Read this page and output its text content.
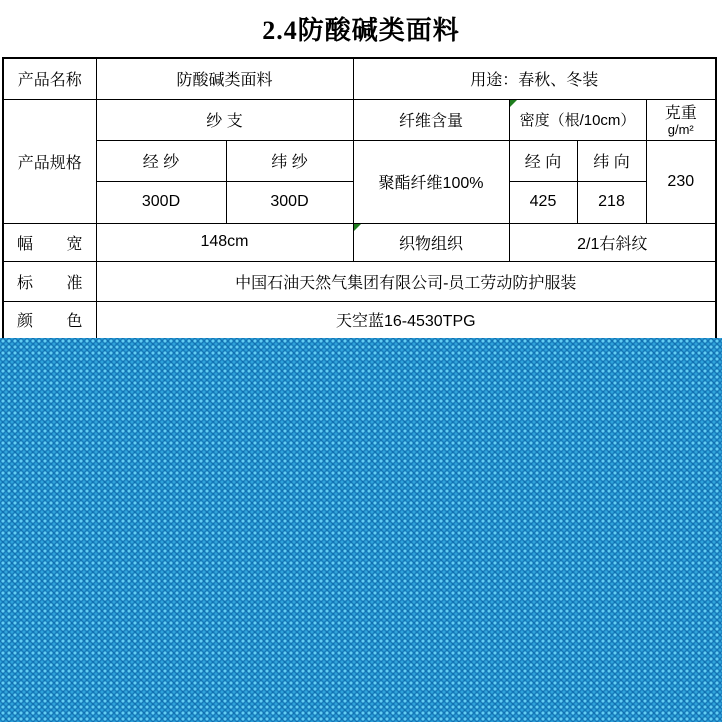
2.4防酸碱类面料
产品名称	防酸碱类面料		用途：春秋、冬装			
产品规格	纱 支		纤维含量	密度（根/10cm）		克重
g/m²

	经 纱	纬 纱	聚酯纤维100%	经 向	纬 向	230
	300D	300D		425	218	

幅 宽	148cm		织物组织	2/1右斜纹		

标 准	中国石油天然气集团有限公司-员工劳动防护服装					

颜 色	天空蓝16-4530TPG					
